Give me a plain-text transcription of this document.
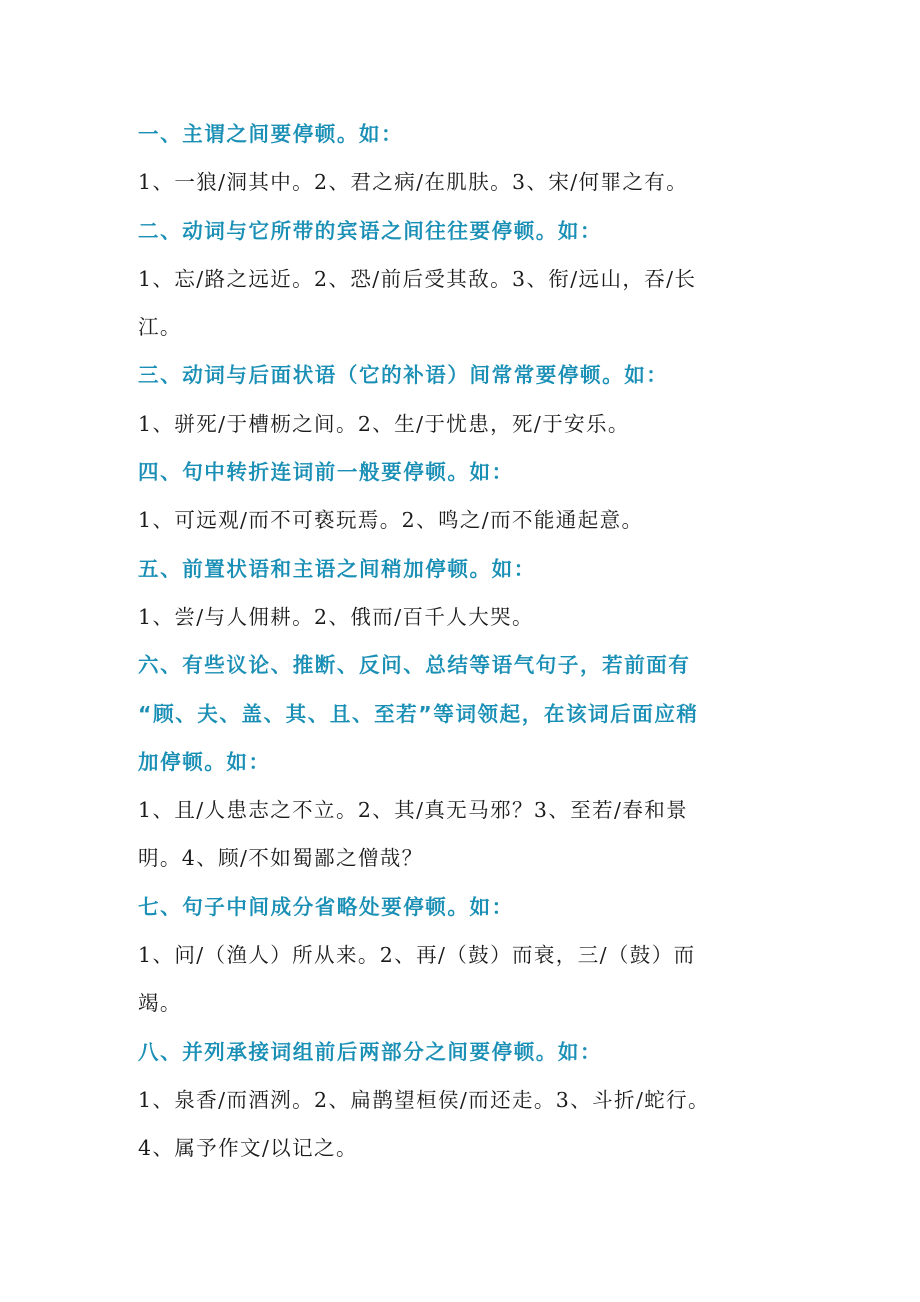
一、主谓之间要停顿。如：
1、一狼/洞其中。2、君之病/在肌肤。3、宋/何罪之有。
二、动词与它所带的宾语之间往往要停顿。如：
1、忘/路之远近。2、恐/前后受其敌。3、衔/远山，吞/长
江。
三、动词与后面状语（它的补语）间常常要停顿。如：
1、骈死/于槽枥之间。2、生/于忧患，死/于安乐。
四、句中转折连词前一般要停顿。如：
1、可远观/而不可亵玩焉。2、鸣之/而不能通起意。
五、前置状语和主语之间稍加停顿。如：
1、尝/与人佣耕。2、俄而/百千人大哭。
六、有些议论、推断、反问、总结等语气句子，若前面有
“顾、夫、盖、其、且、至若”等词领起，在该词后面应稍
加停顿。如：
1、且/人患志之不立。2、其/真无马邪？3、至若/春和景
明。4、顾/不如蜀鄙之僧哉？
七、句子中间成分省略处要停顿。如：
1、问/（渔人）所从来。2、再/（鼓）而衰，三/（鼓）而
竭。
八、并列承接词组前后两部分之间要停顿。如：
1、泉香/而酒洌。2、扁鹊望桓侯/而还走。3、斗折/蛇行。
4、属予作文/以记之。
